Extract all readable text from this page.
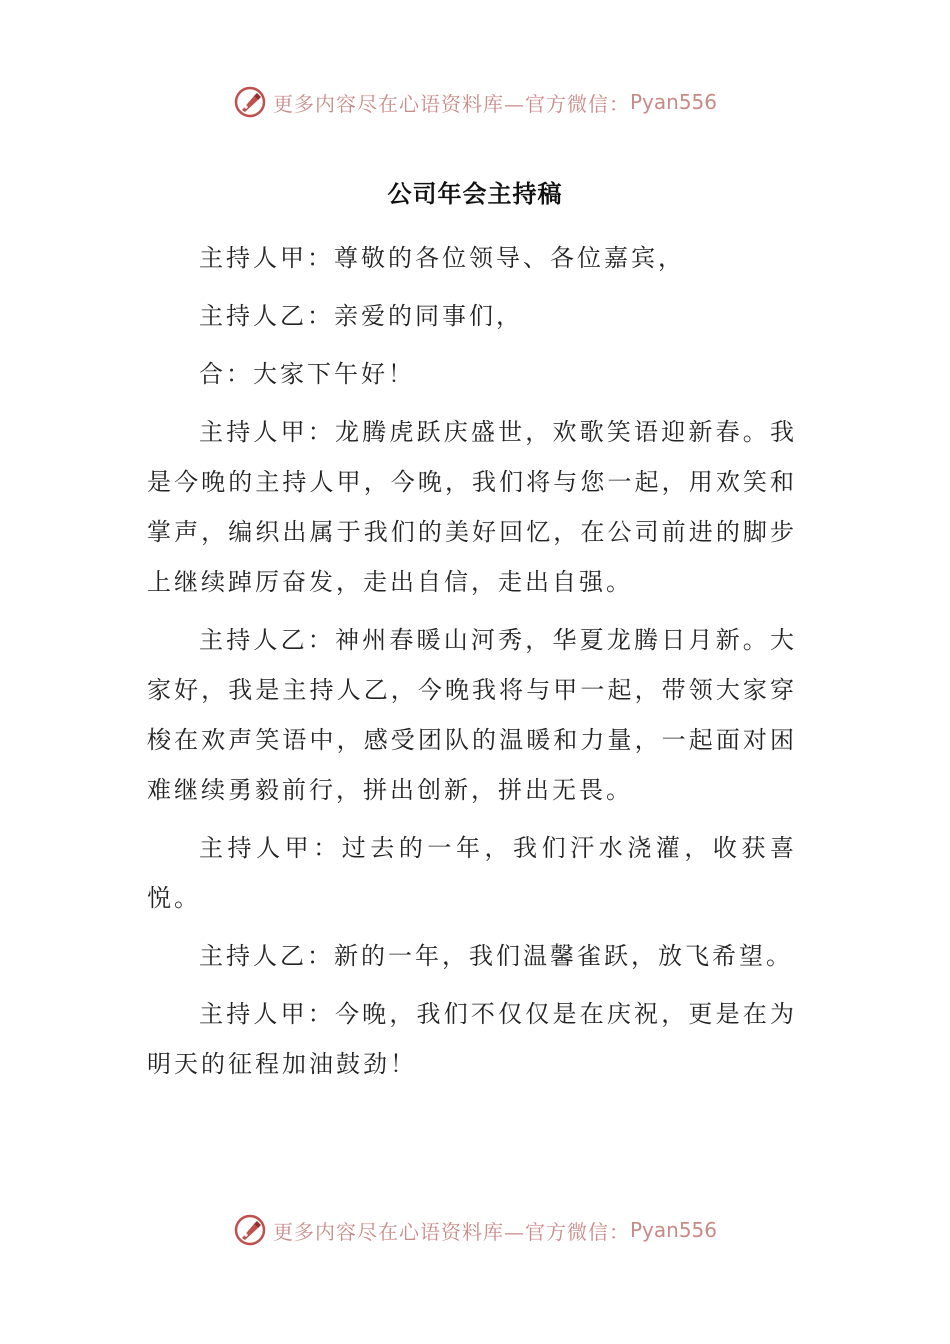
更多内容尽在心语资料库—官方微信： Pyan556
公司年会主持稿

主持人甲：尊敬的各位领导、各位嘉宾，

主持人乙：亲爱的同事们，

合：大家下午好！

主持人甲：龙腾虎跃庆盛世，欢歌笑语迎新春。我是今晚的主持人甲，今晚，我们将与您一起，用欢笑和掌声，编织出属于我们的美好回忆，在公司前进的脚步上继续踔厉奋发，走出自信，走出自强。

主持人乙：神州春暖山河秀，华夏龙腾日月新。大家好，我是主持人乙，今晚我将与甲一起，带领大家穿梭在欢声笑语中，感受团队的温暖和力量，一起面对困难继续勇毅前行，拼出创新，拼出无畏。

主持人甲：过去的一年，我们汗水浇灌，收获喜悦。

主持人乙：新的一年，我们温馨雀跃，放飞希望。

主持人甲：今晚，我们不仅仅是在庆祝，更是在为明天的征程加油鼓劲！

更多内容尽在心语资料库—官方微信： Pyan556
